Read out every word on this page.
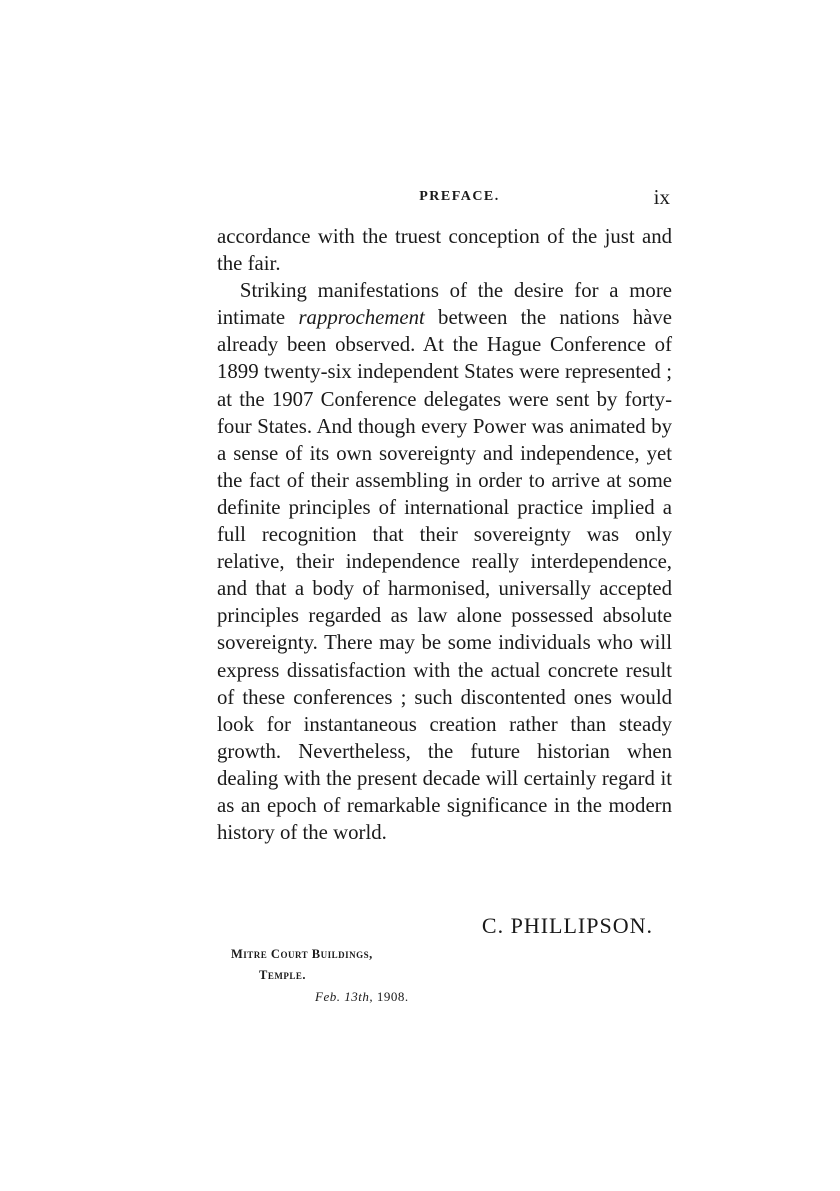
PREFACE.	ix

accordance with the truest conception of the just and the fair.

Striking manifestations of the desire for a more intimate rapprochement between the nations hàve already been observed. At the Hague Conference of 1899 twenty-six independent States were represented ; at the 1907 Conference delegates were sent by forty-four States. And though every Power was animated by a sense of its own sovereignty and independence, yet the fact of their assembling in order to arrive at some definite principles of international practice implied a full recognition that their sovereignty was only relative, their independence really interdependence, and that a body of harmonised, universally accepted principles regarded as law alone possessed absolute sovereignty. There may be some individuals who will express dissatisfaction with the actual concrete result of these conferences ; such discontented ones would look for instantaneous creation rather than steady growth. Nevertheless, the future historian when dealing with the present decade will certainly regard it as an epoch of remarkable significance in the modern history of the world.

C. PHILLIPSON.
Mitre Court Buildings,
Temple.
Feb. 13th, 1908.
